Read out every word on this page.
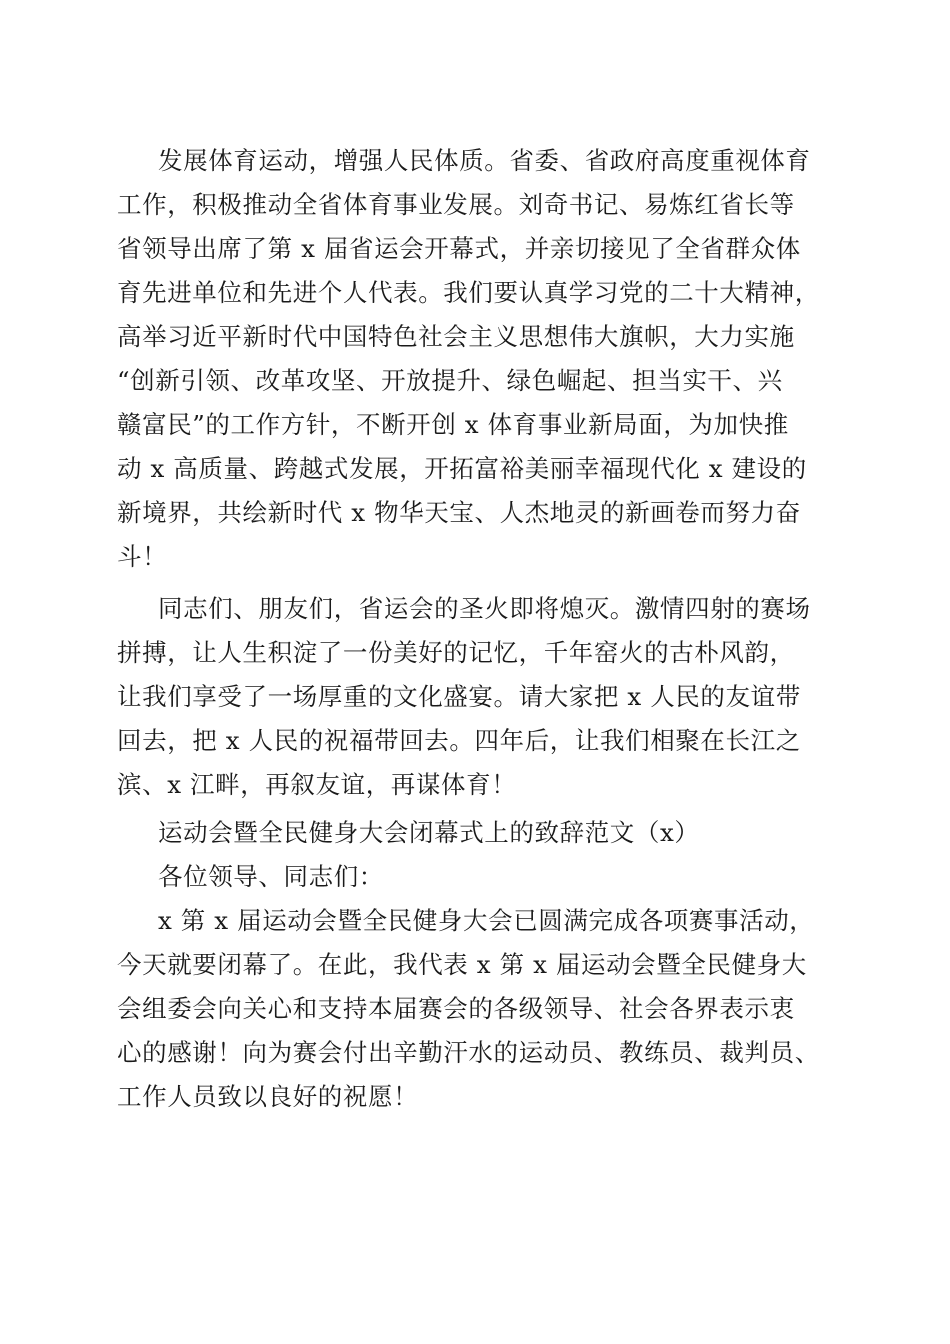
发展体育运动，增强人民体质。省委、省政府高度重视体育

工作，积极推动全省体育事业发展。刘奇书记、易炼红省长等

省领导出席了第 x 届省运会开幕式，并亲切接见了全省群众体

育先进单位和先进个人代表。我们要认真学习党的二十大精神，

高举习近平新时代中国特色社会主义思想伟大旗帜，大力实施

“创新引领、改革攻坚、开放提升、绿色崛起、担当实干、兴

赣富民”的工作方针，不断开创 x 体育事业新局面，为加快推

动 x 高质量、跨越式发展，开拓富裕美丽幸福现代化 x 建设的

新境界，共绘新时代 x 物华天宝、人杰地灵的新画卷而努力奋

斗！

同志们、朋友们，省运会的圣火即将熄灭。激情四射的赛场

拼搏，让人生积淀了一份美好的记忆，千年窑火的古朴风韵，

让我们享受了一场厚重的文化盛宴。请大家把 x 人民的友谊带

回去，把 x 人民的祝福带回去。四年后，让我们相聚在长江之

滨、x 江畔，再叙友谊，再谋体育！

运动会暨全民健身大会闭幕式上的致辞范文（x）

各位领导、同志们：

x 第 x 届运动会暨全民健身大会已圆满完成各项赛事活动，

今天就要闭幕了。在此，我代表 x 第 x 届运动会暨全民健身大

会组委会向关心和支持本届赛会的各级领导、社会各界表示衷

心的感谢！向为赛会付出辛勤汗水的运动员、教练员、裁判员、

工作人员致以良好的祝愿！
